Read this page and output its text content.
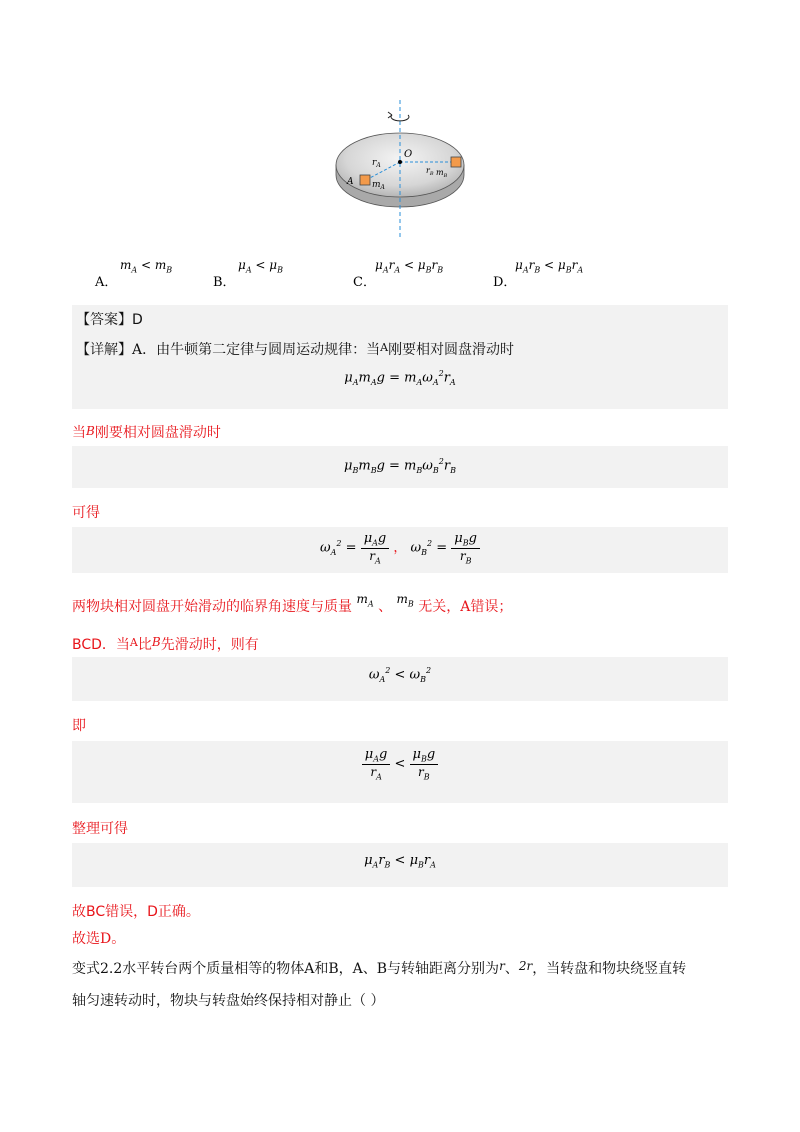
O
$r_A$
A $m_A$
$r_B$ $m_B$
A．
$m_A < m_B$
B．
$\mu_A < \mu_B$
C．
$\mu_Ar_A < \mu_Br_B$
D．
$\mu_Ar_B < \mu_Br_A$
【答案】D
【详解】A．由牛顿第二定律与圆周运动规律：当$^A$刚要相对圆盘滑动时
$\mu_Am_Ag = m_A\omega_A^2r_A$
当B刚要相对圆盘滑动时
$\mu_Bm_Bg = m_B\omega_B^2r_B$
可得
$\omega_A^2 = \frac{\mu_Ag}{r_A}$ ， $\omega_B^2 = \frac{\mu_Bg}{r_B}$
两物块相对圆盘开始滑动的临界角速度与质量 $m_A$ 、 $m_B$ 无关，A错误；
BCD．当$^A$比B先滑动时，则有
$\omega_A^2 < \omega_B^2$
即
$\frac{\mu_Ag}{r_A} < \frac{\mu_Bg}{r_B}$
整理可得
$\mu_Ar_B < \mu_Br_A$
故BC错误，D正确。
故选D。
变式2.2水平转台两个质量相等的物体A和B，A、B与转轴距离分别为r、2r，当转盘和物块绕竖直转
轴匀速转动时，物块与转盘始终保持相对静止（ ）
